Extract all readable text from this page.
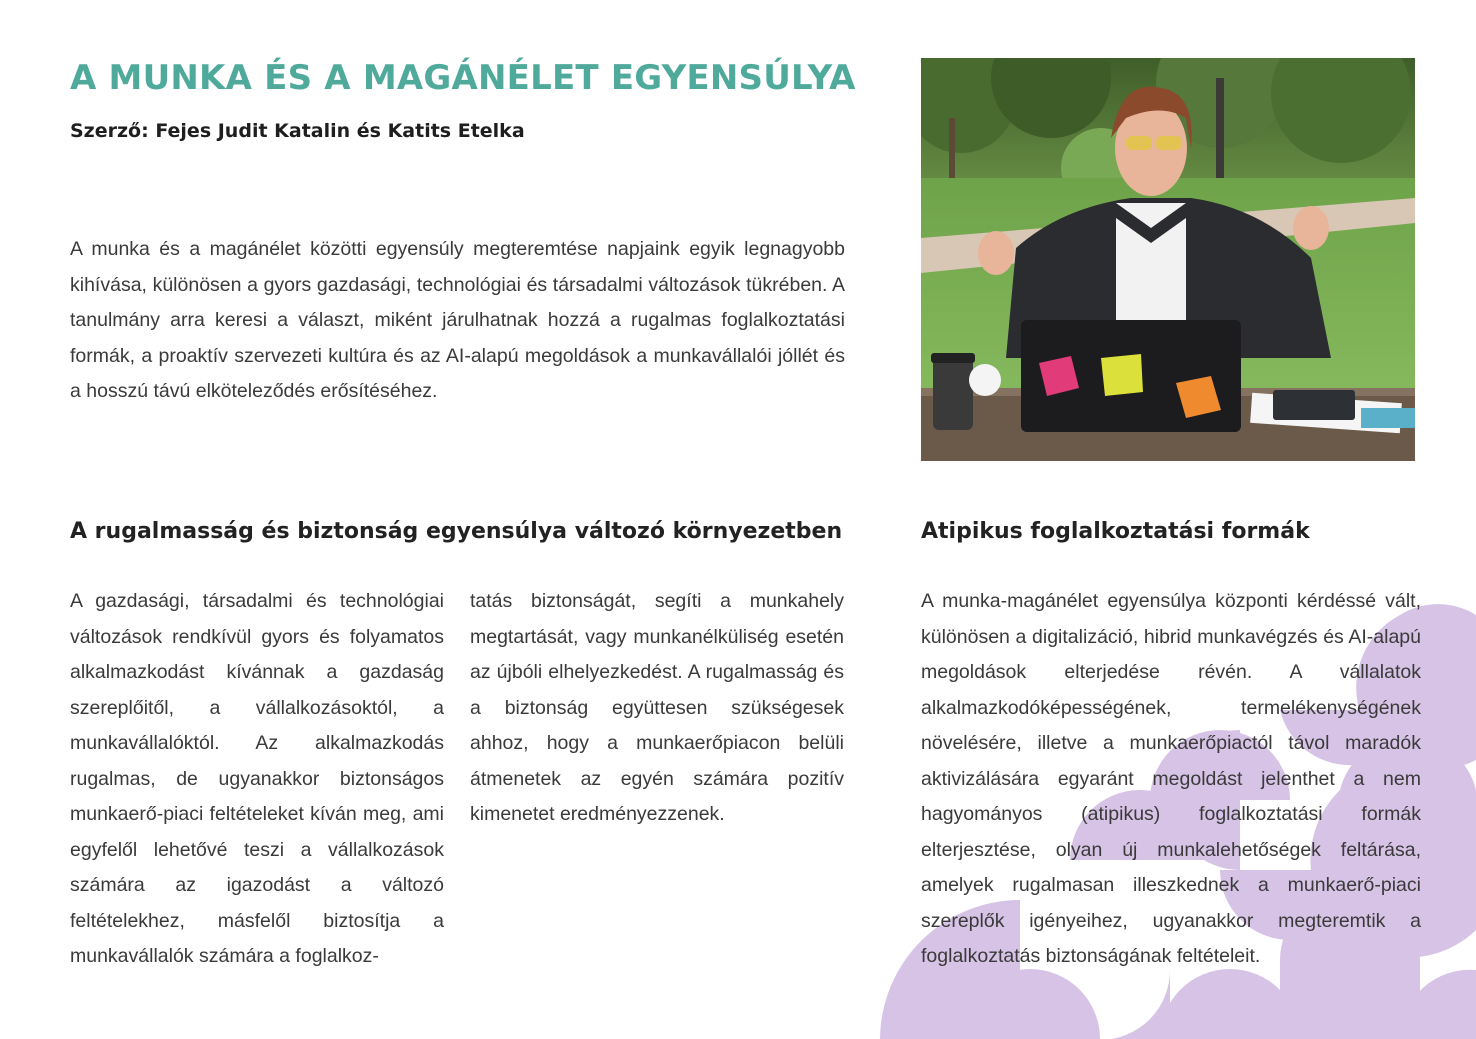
A MUNKA ÉS A MAGÁNÉLET EGYENSÚLYA
Szerző: Fejes Judit Katalin és Katits Etelka

A munka és a magánélet közötti egyensúly megteremtése napjaink egyik legnagyobb kihívása, különösen a gyors gazdasági, technológiai és társadalmi változások tükrében. A tanulmány arra keresi a választ, miként járulhatnak hozzá a rugalmas foglalkoztatási formák, a proaktív szervezeti kultúra és az AI-alapú megoldások a munkavállalói jóllét és a hosszú távú elköteleződés erősítéséhez.

A rugalmasság és biztonság egyensúlya változó környezetben	Atipikus foglalkoztatási formák

A gazdasági, társadalmi és technológiai változások rendkívül gyors és folyamatos alkalmazkodást kívánnak a gazdaság szereplőitől, a vállalkozásoktól, a munkavállalóktól. Az alkalmazkodás rugalmas, de ugyanakkor biztonságos munkaerő-piaci feltételeket kíván meg, ami egyfelől lehetővé teszi a vállalkozások számára az igazodást a változó feltételekhez, másfelől biztosítja a munkavállalók számára a foglalkoz-

tatás biztonságát, segíti a munkahely megtartását, vagy munkanélküliség esetén az újbóli elhelyezkedést. A rugalmasság és a biztonság együttesen szükségesek ahhoz, hogy a munkaerőpiacon belüli átmenetek az egyén számára pozitív kimenetet eredményezzenek.

A munka-magánélet egyensúlya központi kérdéssé vált, különösen a digitalizáció, hibrid munkavégzés és AI-alapú megoldások elterjedése révén. A vállalatok alkalmazkodóképességének, termelékenységének növelésére, illetve a munkaerőpiactól távol maradók aktivizálására egyaránt megoldást jelenthet a nem hagyományos (atipikus) foglalkoztatási formák elterjesztése, olyan új munkalehetőségek feltárása, amelyek rugalmasan illeszkednek a munkaerő-piaci szereplők igényeihez, ugyanakkor megteremtik a foglalkoztatás biztonságának feltételeit.
